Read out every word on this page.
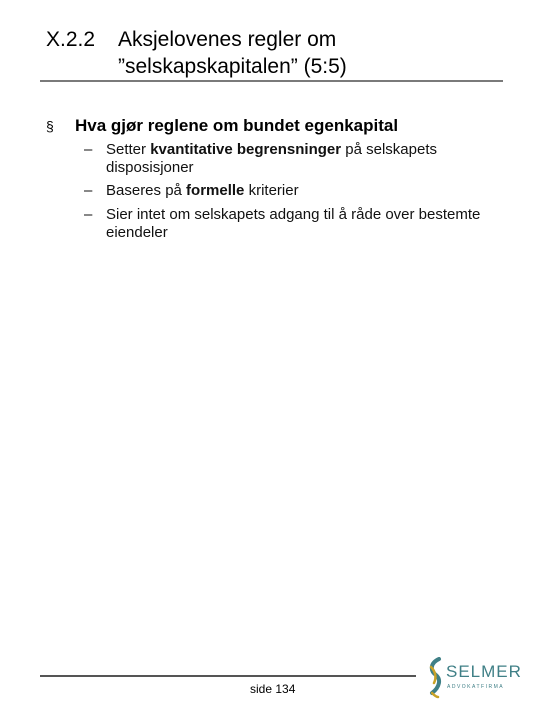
X.2.2 Aksjelovenes regler om
”selskapskapitalen” (5:5)
§ Hva gjør reglene om bundet egenkapital
– Setter kvantitative begrensninger på selskapets disposisjoner
– Baseres på formelle kriterier
– Sier intet om selskapets adgang til å råde over bestemte eiendeler
side 134
SELMER
ADVOKATFIRMA
